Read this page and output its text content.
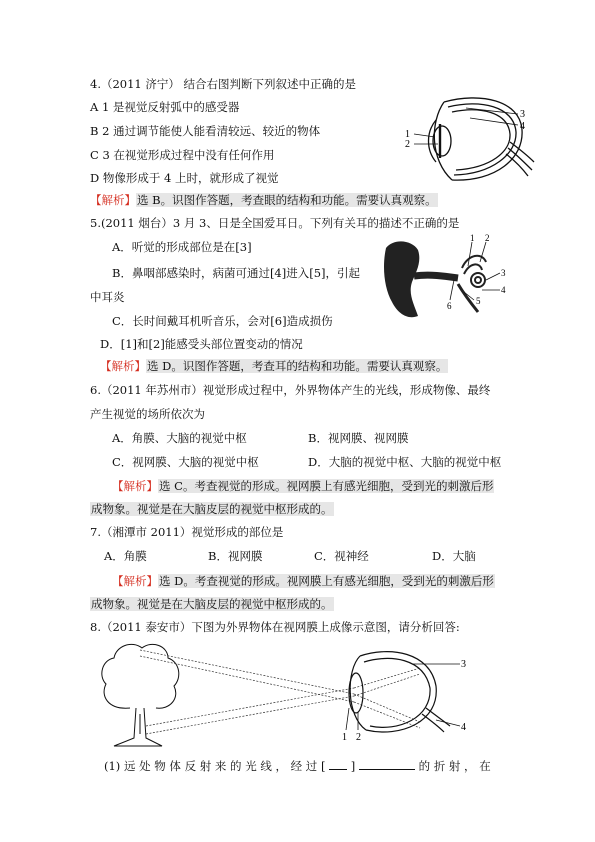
4.（2011 济宁） 结合右图判断下列叙述中正确的是
A 1 是视觉反射弧中的感受器
B 2 通过调节能使人能看清较远、较近的物体
C 3 在视觉形成过程中没有任何作用
D 物像形成于 4 上时，就形成了视觉
【解析】选 B。识图作答题，考查眼的结构和功能。需要认真观察。
1
2
3
4
5.(2011 烟台）3 月 3、日是全国爱耳日。下列有关耳的描述不正确的是
A．听觉的形成部位是在[3]
B．鼻咽部感染时，病菌可通过[4]进入[5]，引起
中耳炎
C．长时间戴耳机听音乐，会对[6]造成损伤
D．[1]和[2]能感受头部位置变动的情况
【解析】选 D。识图作答题，考查耳的结构和功能。需要认真观察。
1 2
3
4
5
6
6.（2011 年苏州市）视觉形成过程中，外界物体产生的光线，形成物像、最终
产生视觉的场所依次为
A．角膜、大脑的视觉中枢	B．视网膜、视网膜
C．视网膜、大脑的视觉中枢	D．大脑的视觉中枢、大脑的视觉中枢
【解析】选 C。考查视觉的形成。视网膜上有感光细胞，受到光的刺激后形
成物象。视觉是在大脑皮层的视觉中枢形成的。
7.（湘潭市 2011）视觉形成的部位是
A．角膜	B．视网膜	C．视神经	D．大脑
【解析】选 D。考查视觉的形成。视网膜上有感光细胞，受到光的刺激后形
成物象。视觉是在大脑皮层的视觉中枢形成的。
8.（2011 泰安市）下图为外界物体在视网膜上成像示意图，请分析回答:
1 2
3
4
(1) 远 处 物 体 反 射 来 的 光 线 ， 经 过 [ ]	的 折 射 ， 在
